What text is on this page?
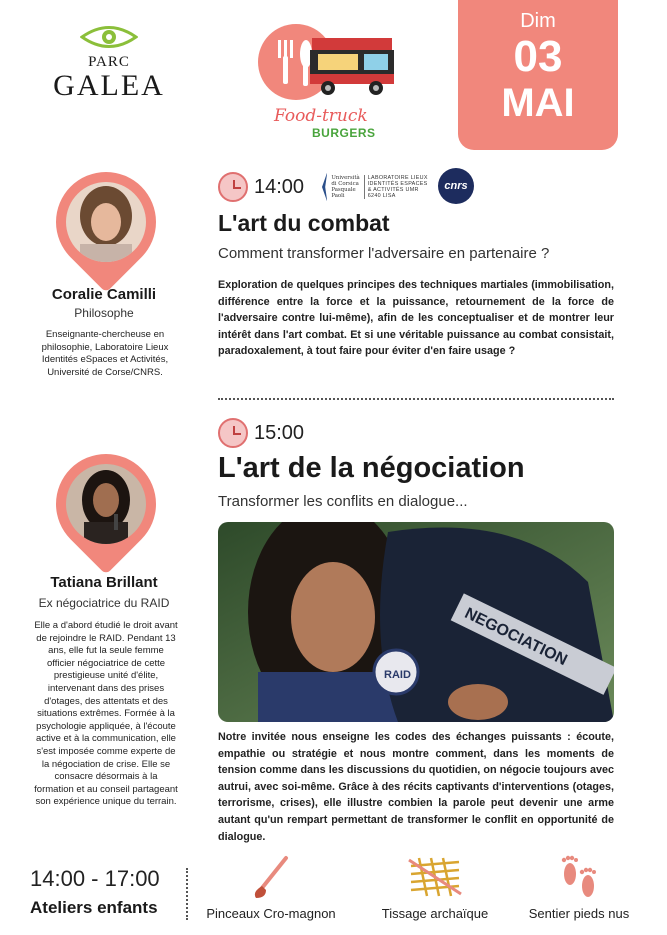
PARC
GALEA
Food-truck
BURGERS
Dim
03
MAI
Coralie Camilli
Philosophe
Enseignante-chercheuse en philosophie, Laboratoire Lieux Identités eSpaces et Activités, Université de Corse/CNRS.
14:00	Università di Corsica Pasquale Paoli
LABORATOIRE LIEUX IDENTITÉS ESPACES & ACTIVITÉS UMR 6240 LISA
cnrs
L'art du combat
Comment transformer l'adversaire en partenaire ?
Exploration de quelques principes des techniques martiales (immobilisation, différence entre la force et la puissance, retournement de la force de l'adversaire contre lui-même), afin de les conceptualiser et de montrer leur intérêt dans l'art combat. Et si une véritable puissance au combat consistait, paradoxalement, à tout faire pour éviter d'en faire usage ?
15:00
L'art de la négociation
Transformer les conflits en dialogue...
NEGOCIATION
RAID
Notre invitée nous enseigne les codes des échanges puissants : écoute, empathie ou stratégie et nous montre comment, dans les moments de tension comme dans les discussions du quotidien, on négocie toujours avec autrui, avec soi-même. Grâce à des récits captivants d'interventions (otages, terrorisme, crises), elle illustre combien la parole peut devenir une arme autant qu'un rempart permettant de transformer le conflit en opportunité de dialogue.
Tatiana Brillant
Ex négociatrice du RAID
Elle a d'abord étudié le droit avant de rejoindre le RAID. Pendant 13 ans, elle fut la seule femme officier négociatrice de cette prestigieuse unité d'élite, intervenant dans des prises d'otages, des attentats et des situations extrêmes. Formée à la psychologie appliquée, à l'écoute active et à la communication, elle s'est imposée comme experte de la négociation de crise. Elle se consacre désormais à la formation et au conseil partageant son expérience unique du terrain.
14:00 - 17:00
Ateliers enfants	Pinceaux Cro-magnon	Tissage archaïque	Sentier pieds nus
